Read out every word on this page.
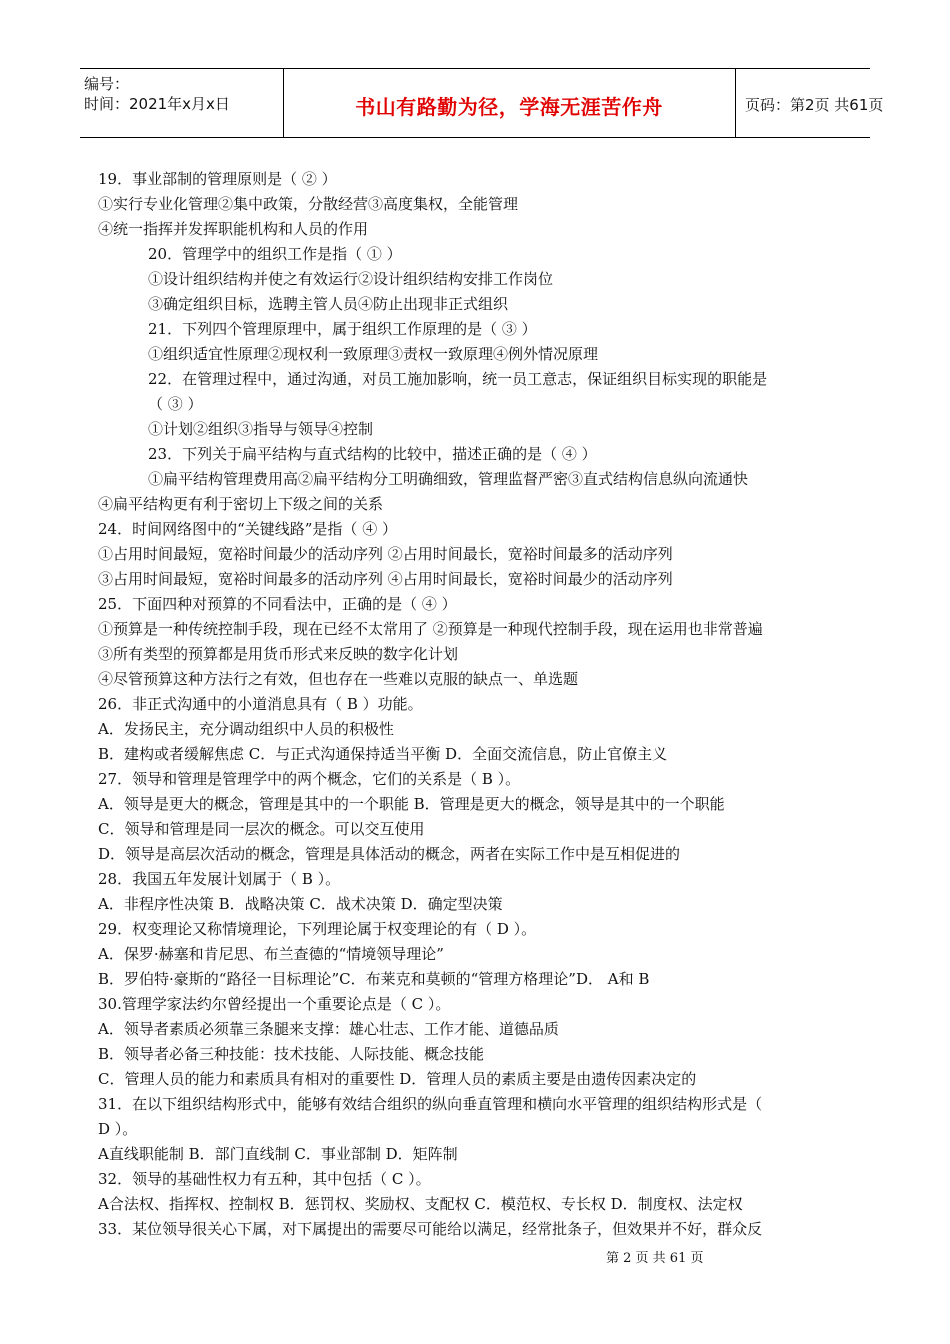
编号：
时间：2021年x月x日	书山有路勤为径，学海无涯苦作舟	页码：第2页 共61页
19．事业部制的管理原则是（ ② ）
①实行专业化管理②集中政策，分散经营③高度集权，全能管理
④统一指挥并发挥职能机构和人员的作用
20．管理学中的组织工作是指（ ① ）
①设计组织结构并使之有效运行②设计组织结构安排工作岗位
③确定组织目标，选聘主管人员④防止出现非正式组织
21．下列四个管理原理中，属于组织工作原理的是（ ③ ）
①组织适宜性原理②现权利一致原理③责权一致原理④例外情况原理
22．在管理过程中，通过沟通，对员工施加影响，统一员工意志，保证组织目标实现的职能是
（ ③ ）
①计划②组织③指导与领导④控制
23．下列关于扁平结构与直式结构的比较中，描述正确的是（ ④ ）
①扁平结构管理费用高②扁平结构分工明确细致，管理监督严密③直式结构信息纵向流通快
④扁平结构更有利于密切上下级之间的关系
24．时间网络图中的“关键线路”是指（ ④ ）
①占用时间最短，宽裕时间最少的活动序列 ②占用时间最长，宽裕时间最多的活动序列
③占用时间最短，宽裕时间最多的活动序列 ④占用时间最长，宽裕时间最少的活动序列
25．下面四种对预算的不同看法中，正确的是（ ④ ）
①预算是一种传统控制手段，现在已经不太常用了 ②预算是一种现代控制手段，现在运用也非常普遍
③所有类型的预算都是用货币形式来反映的数字化计划
④尽管预算这种方法行之有效，但也存在一些难以克服的缺点一、单选题
26．非正式沟通中的小道消息具有（ B ）功能。
A．发扬民主，充分调动组织中人员的积极性
B．建构或者缓解焦虑 C．与正式沟通保持适当平衡 D．全面交流信息，防止官僚主义
27．领导和管理是管理学中的两个概念，它们的关系是（ B ）。
A．领导是更大的概念，管理是其中的一个职能 B．管理是更大的概念，领导是其中的一个职能
C．领导和管理是同一层次的概念。可以交互使用
D．领导是高层次活动的概念，管理是具体活动的概念，两者在实际工作中是互相促进的
28．我国五年发展计划属于（ B ）。
A．非程序性决策 B．战略决策 C．战术决策 D．确定型决策
29．权变理论又称情境理论，下列理论属于权变理论的有（ D ）。
A．保罗·赫塞和肯尼思、布兰查德的“情境领导理论”
B．罗伯特·豪斯的“路径一目标理论”C．布莱克和莫顿的“管理方格理论”D． A和 B
30.管理学家法约尔曾经提出一个重要论点是（ C ）。
A．领导者素质必须靠三条腿来支撑：雄心壮志、工作才能、道德品质
B．领导者必备三种技能：技术技能、人际技能、概念技能
C．管理人员的能力和素质具有相对的重要性 D．管理人员的素质主要是由遗传因素决定的
31．在以下组织结构形式中，能够有效结合组织的纵向垂直管理和横向水平管理的组织结构形式是（
D ）。
A直线职能制 B．部门直线制 C．事业部制 D．矩阵制
32．领导的基础性权力有五种，其中包括（ C ）。
A合法权、指挥权、控制权 B．惩罚权、奖励权、支配权 C．模范权、专长权 D．制度权、法定权
33．某位领导很关心下属，对下属提出的需要尽可能给以满足，经常批条子，但效果并不好，群众反
第 2 页 共 61 页
